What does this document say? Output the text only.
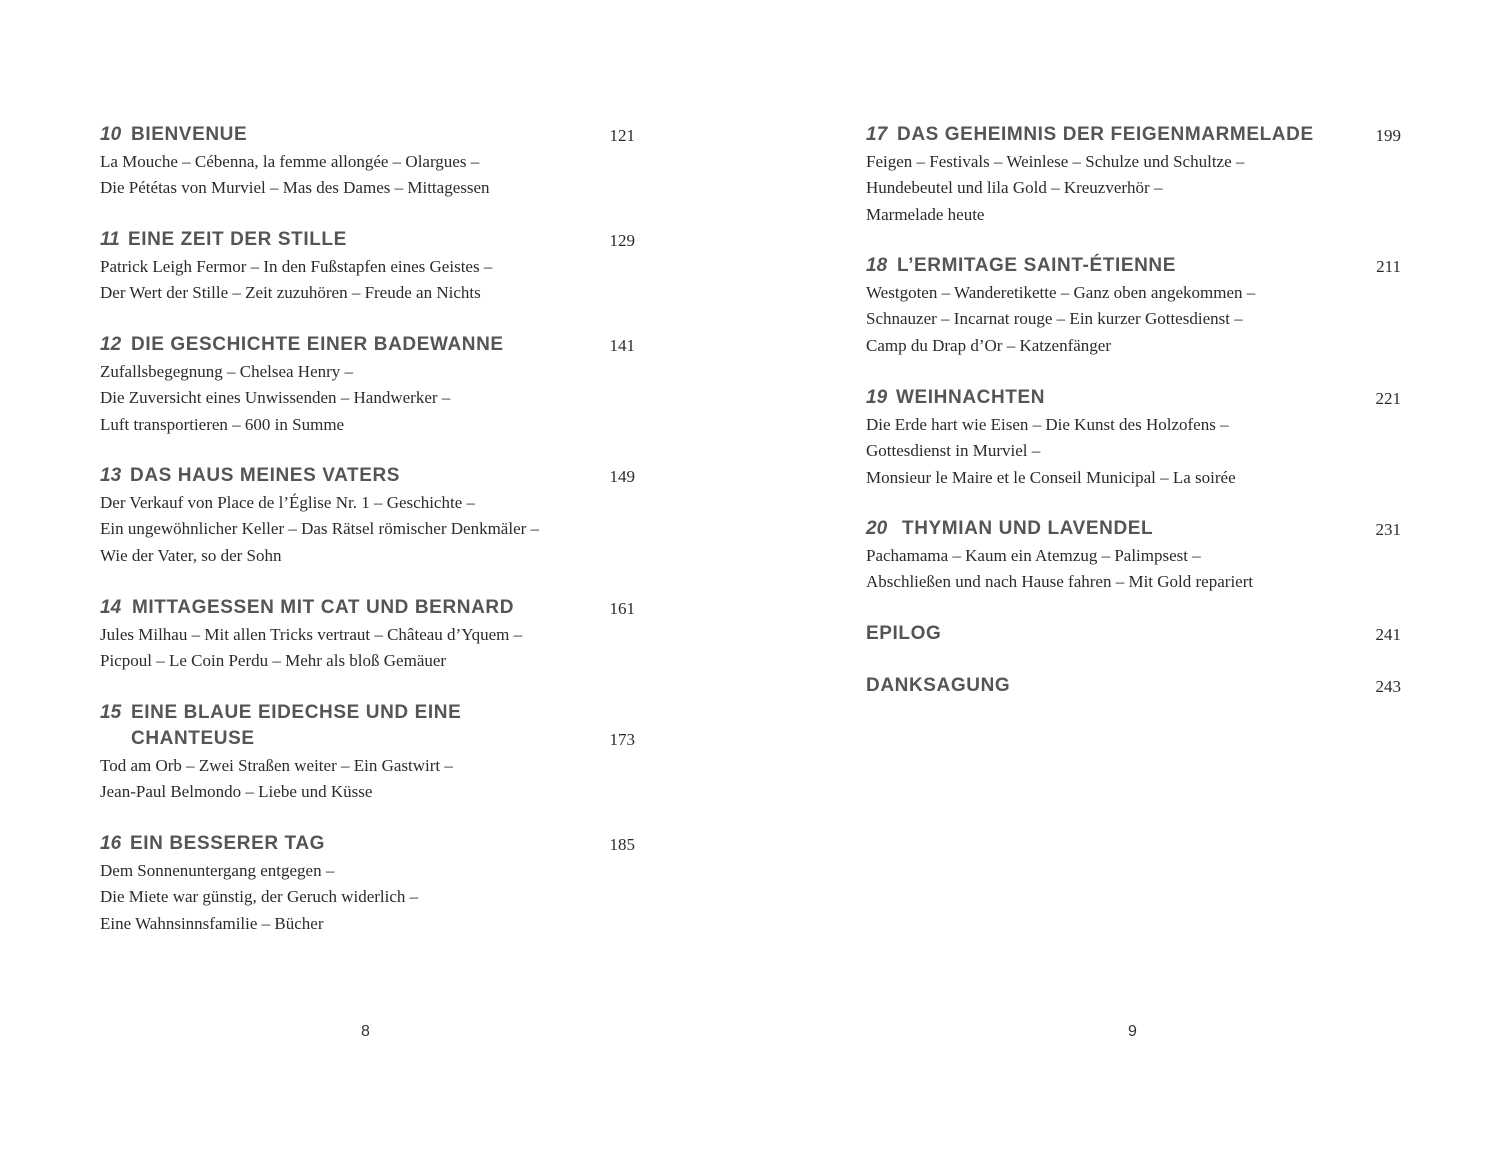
10 BIENVENUE	121
La Mouche – Cébenna, la femme allongée – Olargues –
Die Pététas von Murviel – Mas des Dames – Mittagessen
11 EINE ZEIT DER STILLE	129
Patrick Leigh Fermor – In den Fußstapfen eines Geistes –
Der Wert der Stille – Zeit zuzuhören – Freude an Nichts
12 DIE GESCHICHTE EINER BADEWANNE	141
Zufallsbegegnung – Chelsea Henry –
Die Zuversicht eines Unwissenden – Handwerker –
Luft transportieren – 600 in Summe
13 DAS HAUS MEINES VATERS	149
Der Verkauf von Place de l’Église Nr. 1 – Geschichte –
Ein ungewöhnlicher Keller – Das Rätsel römischer Denkmäler –
Wie der Vater, so der Sohn
14 MITTAGESSEN MIT CAT UND BERNARD	161
Jules Milhau – Mit allen Tricks vertraut – Château d’Yquem –
Picpoul – Le Coin Perdu – Mehr als bloß Gemäuer
15 EINE BLAUE EIDECHSE UND EINE
CHANTEUSE	173
Tod am Orb – Zwei Straßen weiter – Ein Gastwirt –
Jean-Paul Belmondo – Liebe und Küsse
16 EIN BESSERER TAG	185
Dem Sonnenuntergang entgegen –
Die Miete war günstig, der Geruch widerlich –
Eine Wahnsinnsfamilie – Bücher
8
17 DAS GEHEIMNIS DER FEIGENMARMELADE	199
Feigen – Festivals – Weinlese – Schulze und Schultze –
Hundebeutel und lila Gold – Kreuzverhör –
Marmelade heute
18 L’ERMITAGE SAINT-ÉTIENNE	211
Westgoten – Wanderetikette – Ganz oben angekommen –
Schnauzer – Incarnat rouge – Ein kurzer Gottesdienst –
Camp du Drap d’Or – Katzenfänger
19 WEIHNACHTEN	221
Die Erde hart wie Eisen – Die Kunst des Holzofens –
Gottesdienst in Murviel –
Monsieur le Maire et le Conseil Municipal – La soirée
20 THYMIAN UND LAVENDEL	231
Pachamama – Kaum ein Atemzug – Palimpsest –
Abschließen und nach Hause fahren – Mit Gold repariert
EPILOG	241
DANKSAGUNG	243
9
